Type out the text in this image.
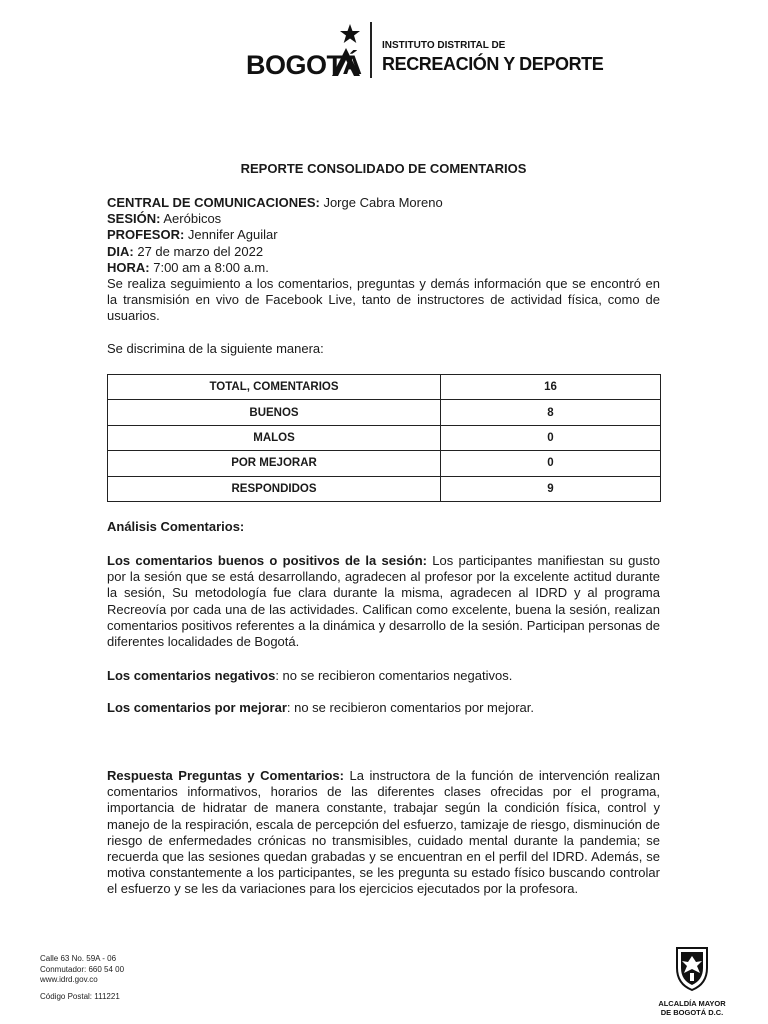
BOGOTÁ
INSTITUTO DISTRITAL DE
RECREACIÓN Y DEPORTE
REPORTE CONSOLIDADO DE COMENTARIOS
CENTRAL DE COMUNICACIONES: Jorge Cabra Moreno
SESIÓN: Aeróbicos
PROFESOR: Jennifer Aguilar
DIA: 27 de marzo del 2022
HORA: 7:00 am a 8:00 a.m.
Se realiza seguimiento a los comentarios, preguntas y demás información que se encontró en la transmisión en vivo de Facebook Live, tanto de instructores de actividad física, como de usuarios.
Se discrimina de la siguiente manera:
TOTAL, COMENTARIOS	16
BUENOS	8
MALOS	0
POR MEJORAR	0
RESPONDIDOS	9
Análisis Comentarios:
Los comentarios buenos o positivos de la sesión: Los participantes manifiestan su gusto por la sesión que se está desarrollando, agradecen al profesor por la excelente actitud durante la sesión, Su metodología fue clara durante la misma, agradecen al IDRD y al programa Recreovía por cada una de las actividades. Califican como excelente, buena la sesión, realizan comentarios positivos referentes a la dinámica y desarrollo de la sesión. Participan personas de diferentes localidades de Bogotá.
Los comentarios negativos: no se recibieron comentarios negativos.
Los comentarios por mejorar: no se recibieron comentarios por mejorar.
Respuesta Preguntas y Comentarios: La instructora de la función de intervención realizan comentarios informativos, horarios de las diferentes clases ofrecidas por el programa, importancia de hidratar de manera constante, trabajar según la condición física, control y manejo de la respiración, escala de percepción del esfuerzo, tamizaje de riesgo, disminución de riesgo de enfermedades crónicas no transmisibles, cuidado mental durante la pandemia; se recuerda que las sesiones quedan grabadas y se encuentran en el perfil del IDRD. Además, se motiva constantemente a los participantes, se les pregunta su estado físico buscando controlar el esfuerzo y se les da variaciones para los ejercicios ejecutados por la profesora.
Calle 63 No. 59A - 06
Conmutador: 660 54 00
www.idrd.gov.co
Código Postal: 111221
ALCALDÍA MAYOR
DE BOGOTÁ D.C.
